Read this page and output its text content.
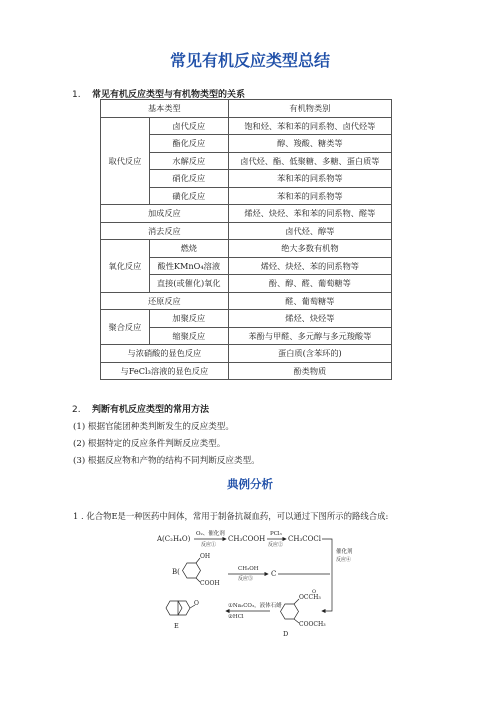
常见有机反应类型总结
1. 常见有机反应类型与有机物类型的关系
基本类型		有机物类别
取代反应	卤代反应	饱和烃、苯和苯的同系物、卤代烃等
	酯化反应	醇、羧酸、糖类等
	水解反应	卤代烃、酯、低聚糖、多糖、蛋白质等
	硝化反应	苯和苯的同系物等
	磺化反应	苯和苯的同系物等
加成反应		烯烃、炔烃、苯和苯的同系物、醛等
消去反应		卤代烃、醇等
氧化反应	燃烧	绝大多数有机物
	酸性KMnO₄溶液	烯烃、炔烃、苯的同系物等
	直接(或催化)氧化	酚、醇、醛、葡萄糖等
还原反应		醛、葡萄糖等
聚合反应	加聚反应	烯烃、炔烃等
	缩聚反应	苯酚与甲醛、多元醇与多元羧酸等
与浓硝酸的显色反应		蛋白质(含苯环的)
与FeCl₃溶液的显色反应		酚类物质
2. 判断有机反应类型的常用方法
(1) 根据官能团种类判断发生的反应类型。
(2) 根据特定的反应条件判断反应类型。
(3) 根据反应物和产物的结构不同判断反应类型。
典例分析
1 . 化合物E是一种医药中间体，常用于制备抗凝血药，可以通过下图所示的路线合成:
A(C₂H₄O)
O₂、催化剂
反应①
CH₃COOH
PCl₃
反应②
CH₃COCl
催化剂
反应④
B(
OH
COOH
CH₃OH
反应③
C
O
E
①Na₂CO₃，液体石蜡
②HCl
OCCH₃
O
COOCH₃
D
